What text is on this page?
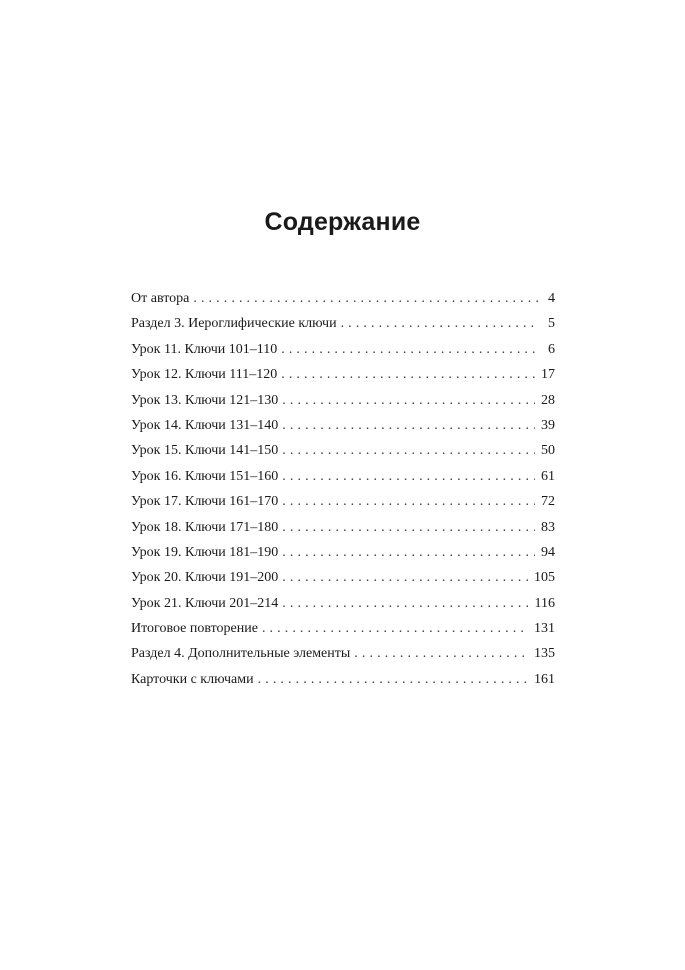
Содержание
От автора . . .	4
Раздел 3. Иероглифические ключи . . .	5
Урок 11. Ключи 101–110 . . .	6
Урок 12. Ключи 111–120 . . .	17
Урок 13. Ключи 121–130 . . .	28
Урок 14. Ключи 131–140 . . .	39
Урок 15. Ключи 141–150 . . .	50
Урок 16. Ключи 151–160 . . .	61
Урок 17. Ключи 161–170 . . .	72
Урок 18. Ключи 171–180 . . .	83
Урок 19. Ключи 181–190 . . .	94
Урок 20. Ключи 191–200 . . .	105
Урок 21. Ключи 201–214 . . .	116
Итоговое повторение . . .	131
Раздел 4. Дополнительные элементы . . .	135
Карточки с ключами . . .	161
